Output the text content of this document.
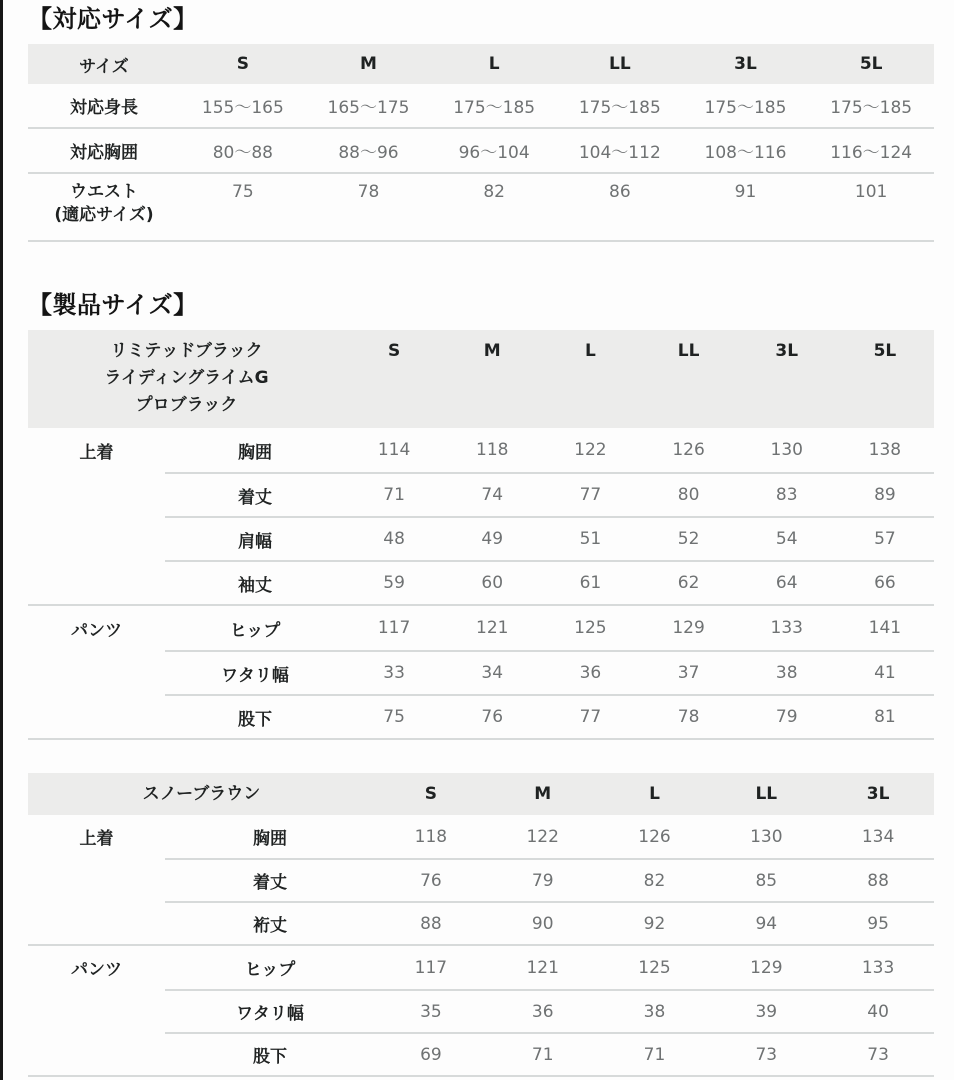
【対応サイズ】
サイズ	S	M	L	LL	3L	5L
対応身長	155〜165	165〜175	175〜185	175〜185	175〜185	175〜185
対応胸囲	80〜88	88〜96	96〜104	104〜112	108〜116	116〜124
ウエスト
(適応サイズ)
75	78	82	86	91	101
【製品サイズ】
リミテッドブラック
ライディングライムG
プロブラック
S	M	L	LL	3L	5L
上着	胸囲	114	118	122	126	130	138
着丈	71	74	77	80	83	89
肩幅	48	49	51	52	54	57
袖丈	59	60	61	62	64	66
パンツ	ヒップ	117	121	125	129	133	141
ワタリ幅	33	34	36	37	38	41
股下	75	76	77	78	79	81
スノーブラウン	S	M	L	LL	3L
上着	胸囲	118	122	126	130	134
着丈	76	79	82	85	88
裄丈	88	90	92	94	95
パンツ	ヒップ	117	121	125	129	133
ワタリ幅	35	36	38	39	40
股下	69	71	71	73	73
